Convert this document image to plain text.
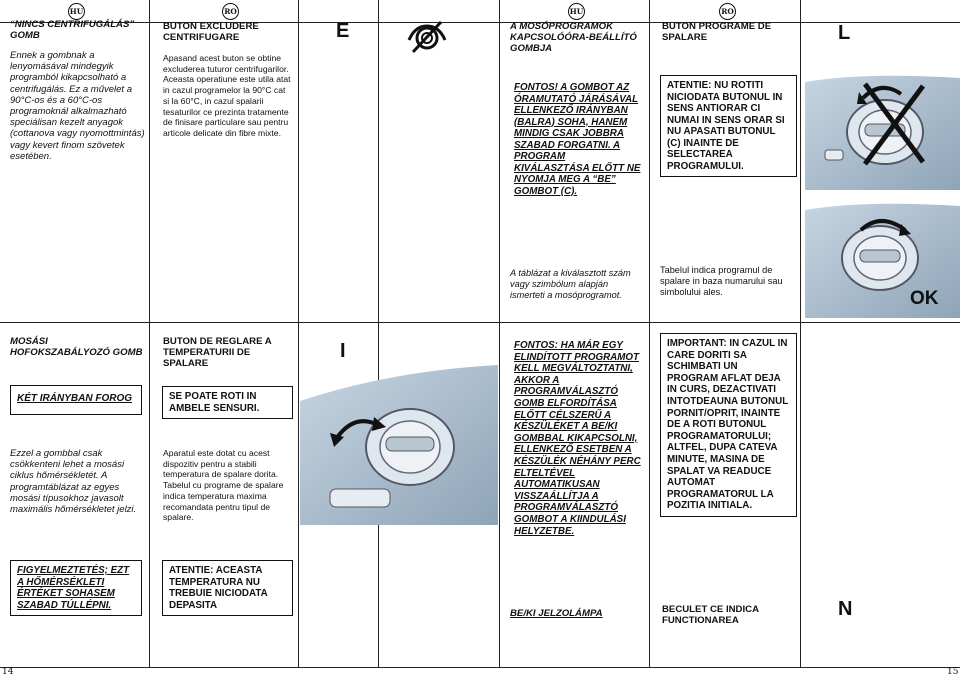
HU	RO	HU	RO
“NINCS CENTRIFUGÁLÁS” GOMB
Ennek a gombnak a lenyomásával mindegyik programból kikapcsolható a centrifugálás. Ez a művelet a 90°C-os és a 60°C-os programoknál alkalmazható speciálisan kezelt anyagok (cottanova vagy nyomottmintás) vagy kevert finom szövetek esetében.
BUTON EXCLUDERE CENTRIFUGARE
Apasand acest buton se obtine excluderea tuturor centrifugarilor. Aceasta operatiune este utila atat in cazul programelor la 90°C cat si la 60°C, in cazul spalarii tesaturilor ce prezinta tratamente de finisare particulare sau pentru articole delicate din fibre mixte.
E	A MOSÓPROGRAMOK KAPCSOLÓÓRA-BEÁLLÍTÓ GOMBJA
FONTOS! A GOMBOT AZ ÓRAMUTATÓ JÁRÁSÁVAL ELLENKEZŐ IRÁNYBAN (BALRA) SOHA, HANEM MINDIG CSAK JOBBRA SZABAD FORGATNI. A PROGRAM KIVÁLASZTÁSA ELŐTT NE NYOMJA MEG A “BE” GOMBOT (C).
BUTON PROGRAME DE SPALARE
ATENTIE: NU ROTITI NICIODATA BUTONUL IN SENS ANTIORAR CI NUMAI IN SENS ORAR SI NU APASATI BUTONUL (C) INAINTE DE SELECTAREA PROGRAMULUI.
L
OK
A táblázat a kiválasztott szám vagy szimbólum alapján ismerteti a mosóprogramot.
Tabelul indica programul de spalare in baza numarului sau simbolului ales.
MOSÁSI HOFOKSZABÁLYOZÓ GOMB
KÉT IRÁNYBAN FOROG
Ezzel a gombbal csak csökkenteni lehet a mosási ciklus hőmérsékletét. A programtáblázat az egyes mosási típusokhoz javasolt maximális hőmérsékletet jelzi.
FIGYELMEZTETÉS; EZT A HŐMÉRSÉKLETI ÉRTÉKET SOHASEM SZABAD TÚLLÉPNI.
BUTON DE REGLARE A TEMPERATURII DE SPALARE
SE POATE ROTI IN AMBELE SENSURI.
Aparatul este dotat cu acest dispozitiv pentru a stabili temperatura de spalare dorita. Tabelul cu programe de spalare indica temperatura maxima recomandata pentru tipul de spalare.
ATENTIE: ACEASTA TEMPERATURA NU TREBUIE NICIODATA DEPASITA
I	FONTOS: HA MÁR EGY ELINDÍTOTT PROGRAMOT KELL MEGVÁLTOZTATNI, AKKOR A PROGRAMVÁLASZTÓ GOMB ELFORDÍTÁSA ELŐTT CÉLSZERŰ A KÉSZÜLÉKET A BE/KI GOMBBAL KIKAPCSOLNI, ELLENKEZŐ ESETBEN A KÉSZÜLÉK NÉHÁNY PERC ELTELTÉVEL AUTOMATIKUSAN VISSZAÁLLÍTJA A PROGRAMVÁLASZTÓ GOMBOT A KIINDULÁSI HELYZETBE.
IMPORTANT: IN CAZUL IN CARE DORITI SA SCHIMBATI UN PROGRAM AFLAT DEJA IN CURS, DEZACTIVATI INTOTDEAUNA BUTONUL PORNIT/OPRIT, INAINTE DE A ROTI BUTONUL PROGRAMATORULUI; ALTFEL, DUPA CATEVA MINUTE, MASINA DE SPALAT VA READUCE AUTOMAT PROGRAMATORUL LA POZITIA INITIALA.
BE/KI JELZOLÁMPA	BECULET CE INDICA FUNCTIONAREA
N
14	15
